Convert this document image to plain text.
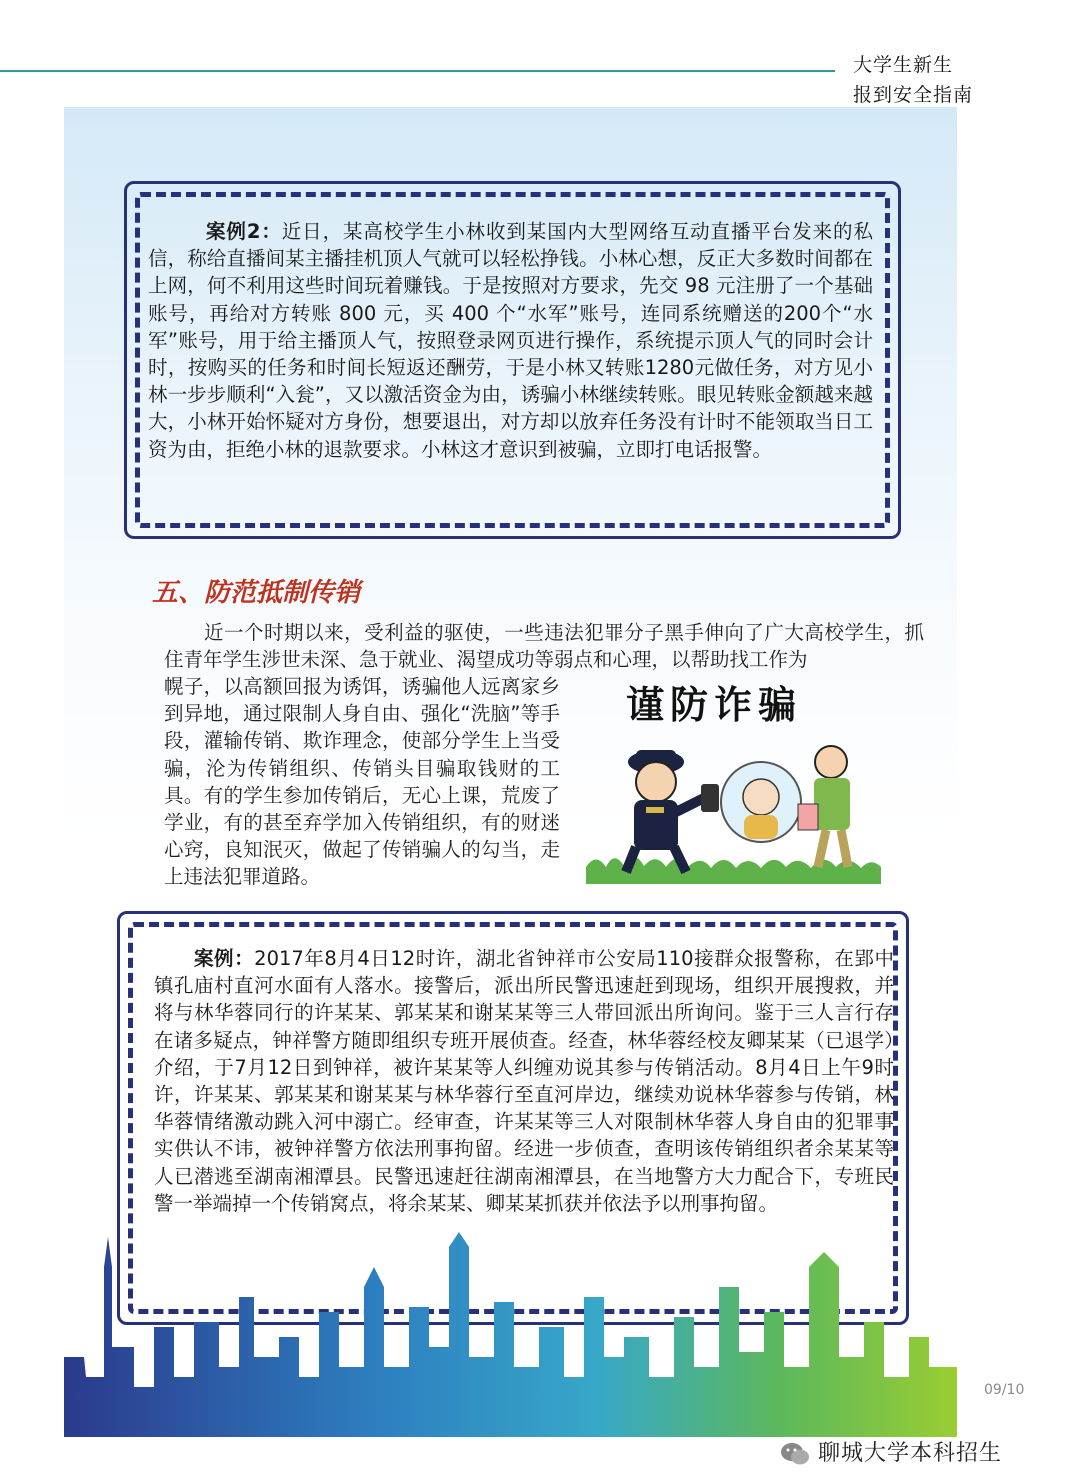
大学生新生
报到安全指南
案例2：近日，某高校学生小林收到某国内大型网络互动直播平台发来的私信，称给直播间某主播挂机顶人气就可以轻松挣钱。小林心想，反正大多数时间都在上网，何不利用这些时间玩着赚钱。于是按照对方要求，先交 98 元注册了一个基础账号，再给对方转账 800 元，买 400 个“水军”账号，连同系统赠送的200个“水军”账号，用于给主播顶人气，按照登录网页进行操作，系统提示顶人气的同时会计时，按购买的任务和时间长短返还酬劳，于是小林又转账1280元做任务，对方见小林一步步顺利“入瓮”，又以激活资金为由，诱骗小林继续转账。眼见转账金额越来越大，小林开始怀疑对方身份，想要退出，对方却以放弃任务没有计时不能领取当日工资为由，拒绝小林的退款要求。小林这才意识到被骗，立即打电话报警。
五、防范抵制传销
近一个时期以来，受利益的驱使，一些违法犯罪分子黑手伸向了广大高校学生，抓住青年学生涉世未深、急于就业、渴望成功等弱点和心理，以帮助找工作为
幌子，以高额回报为诱饵，诱骗他人远离家乡到异地，通过限制人身自由、强化“洗脑”等手段，灌输传销、欺诈理念，使部分学生上当受骗，沦为传销组织、传销头目骗取钱财的工具。有的学生参加传销后，无心上课，荒废了学业，有的甚至弃学加入传销组织，有的财迷心窍，良知泯灭，做起了传销骗人的勾当，走上违法犯罪道路。
谨防诈骗
案例：2017年8月4日12时许，湖北省钟祥市公安局110接群众报警称，在郢中镇孔庙村直河水面有人落水。接警后，派出所民警迅速赶到现场，组织开展搜救，并将与林华蓉同行的许某某、郭某某和谢某某等三人带回派出所询问。鉴于三人言行存在诸多疑点，钟祥警方随即组织专班开展侦查。经查，林华蓉经校友卿某某（已退学）介绍，于7月12日到钟祥，被许某某等人纠缠劝说其参与传销活动。8月4日上午9时许，许某某、郭某某和谢某某与林华蓉行至直河岸边，继续劝说林华蓉参与传销，林华蓉情绪激动跳入河中溺亡。经审查，许某某等三人对限制林华蓉人身自由的犯罪事实供认不讳，被钟祥警方依法刑事拘留。经进一步侦查，查明该传销组织者余某某等人已潜逃至湖南湘潭县。民警迅速赶往湖南湘潭县，在当地警方大力配合下，专班民警一举端掉一个传销窝点，将余某某、卿某某抓获并依法予以刑事拘留。
09/10
聊城大学本科招生
